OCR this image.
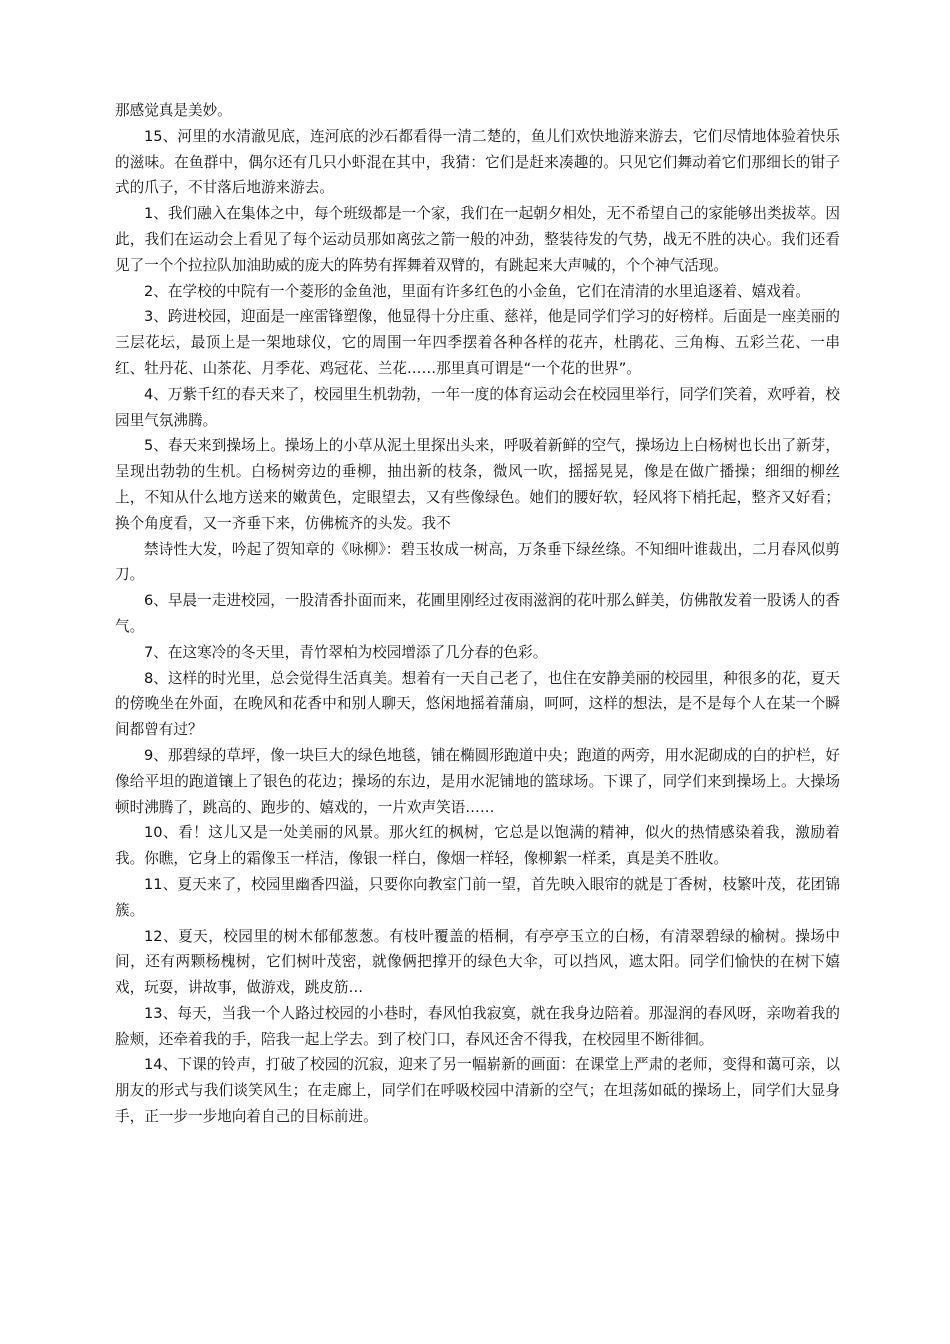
那感觉真是美妙。

15、河里的水清澈见底，连河底的沙石都看得一清二楚的，鱼儿们欢快地游来游去，它们尽情地体验着快乐的滋味。在鱼群中，偶尔还有几只小虾混在其中，我猜：它们是赶来凑趣的。只见它们舞动着它们那细长的钳子式的爪子，不甘落后地游来游去。

1、我们融入在集体之中，每个班级都是一个家，我们在一起朝夕相处，无不希望自己的家能够出类拔萃。因此，我们在运动会上看见了每个运动员那如离弦之箭一般的冲劲，整装待发的气势，战无不胜的决心。我们还看见了一个个拉拉队加油助威的庞大的阵势有挥舞着双臂的，有跳起来大声喊的，个个神气活现。

2、在学校的中院有一个菱形的金鱼池，里面有许多红色的小金鱼，它们在清清的水里追逐着、嬉戏着。

3、跨进校园，迎面是一座雷锋塑像，他显得十分庄重、慈祥，他是同学们学习的好榜样。后面是一座美丽的三层花坛，最顶上是一架地球仪，它的周围一年四季摆着各种各样的花卉，杜鹃花、三角梅、五彩兰花、一串红、牡丹花、山茶花、月季花、鸡冠花、兰花……那里真可谓是“一个花的世界”。

4、万紫千红的春天来了，校园里生机勃勃，一年一度的体育运动会在校园里举行，同学们笑着，欢呼着，校园里气氛沸腾。

5、春天来到操场上。操场上的小草从泥土里探出头来，呼吸着新鲜的空气，操场边上白杨树也长出了新芽，呈现出勃勃的生机。白杨树旁边的垂柳，抽出新的枝条，微风一吹，摇摇晃晃，像是在做广播操；细细的柳丝上，不知从什么地方送来的嫩黄色，定眼望去，又有些像绿色。她们的腰好软，轻风将下梢托起，整齐又好看；换个角度看，又一齐垂下来，仿佛梳齐的头发。我不

禁诗性大发，吟起了贺知章的《咏柳》：碧玉妆成一树高，万条垂下绿丝绦。不知细叶谁裁出，二月春风似剪刀。

6、早晨一走进校园，一股清香扑面而来，花圃里刚经过夜雨滋润的花叶那么鲜美，仿佛散发着一股诱人的香气。

7、在这寒冷的冬天里，青竹翠柏为校园增添了几分春的色彩。

8、这样的时光里，总会觉得生活真美。想着有一天自己老了，也住在安静美丽的校园里，种很多的花，夏天的傍晚坐在外面，在晚风和花香中和别人聊天，悠闲地摇着蒲扇，呵呵，这样的想法，是不是每个人在某一个瞬间都曾有过？

9、那碧绿的草坪，像一块巨大的绿色地毯，铺在椭圆形跑道中央；跑道的两旁，用水泥砌成的白的护栏，好像给平坦的跑道镶上了银色的花边；操场的东边，是用水泥铺地的篮球场。下课了，同学们来到操场上。大操场顿时沸腾了，跳高的、跑步的、嬉戏的，一片欢声笑语……

10、看！这儿又是一处美丽的风景。那火红的枫树，它总是以饱满的精神，似火的热情感染着我，激励着我。你瞧，它身上的霜像玉一样洁，像银一样白，像烟一样轻，像柳絮一样柔，真是美不胜收。

11、夏天来了，校园里幽香四溢，只要你向教室门前一望，首先映入眼帘的就是丁香树，枝繁叶茂，花团锦簇。

12、夏天，校园里的树木郁郁葱葱。有枝叶覆盖的梧桐，有亭亭玉立的白杨，有清翠碧绿的榆树。操场中间，还有两颗杨槐树，它们树叶茂密，就像俩把撑开的绿色大伞，可以挡风，遮太阳。同学们愉快的在树下嬉戏，玩耍，讲故事，做游戏，跳皮筋…

13、每天，当我一个人路过校园的小巷时，春风怕我寂寞，就在我身边陪着。那湿润的春风呀，亲吻着我的脸颊，还牵着我的手，陪我一起上学去。到了校门口，春风还舍不得我，在校园里不断徘徊。

14、下课的铃声，打破了校园的沉寂，迎来了另一幅崭新的画面：在课堂上严肃的老师，变得和蔼可亲，以朋友的形式与我们谈笑风生；在走廊上，同学们在呼吸校园中清新的空气；在坦荡如砥的操场上，同学们大显身手，正一步一步地向着自己的目标前进。
